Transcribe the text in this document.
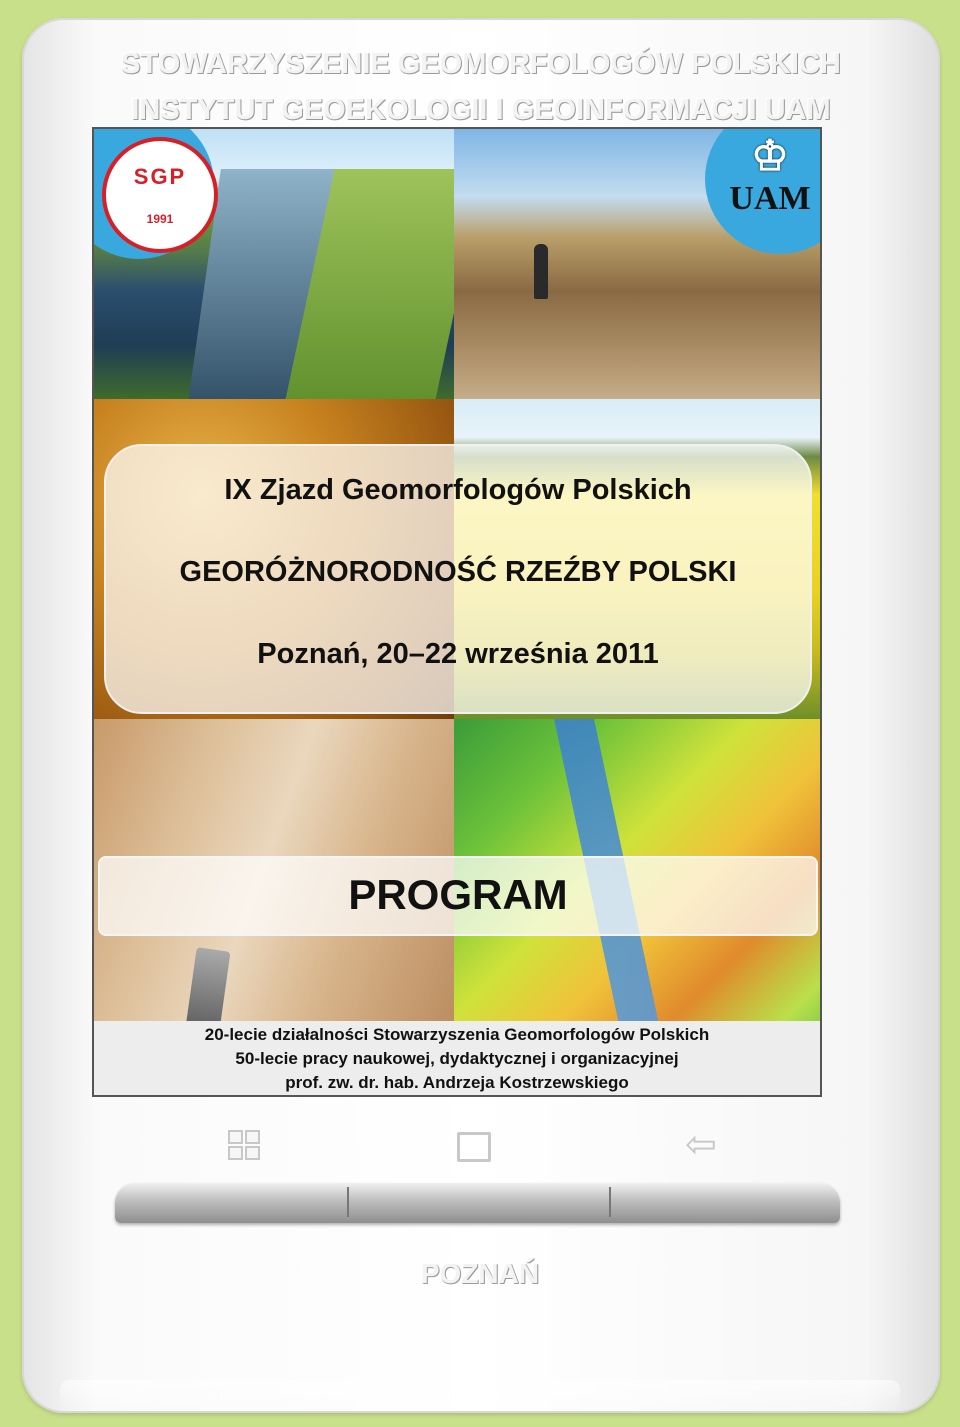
STOWARZYSZENIE GEOMORFOLOGÓW POLSKICH
INSTYTUT GEOEKOLOGII I GEOINFORMACJI UAM
SGP
1991
♔
UAM
IX Zjazd Geomorfologów Polskich
GEORÓŻNORODNOŚĆ RZEŹBY POLSKI
Poznań, 20–22 września 2011
PROGRAM
20-lecie działalności Stowarzyszenia Geomorfologów Polskich
50-lecie pracy naukowej, dydaktycznej i organizacyjnej
prof. zw. dr. hab. Andrzeja Kostrzewskiego
⇦
POZNAŃ
